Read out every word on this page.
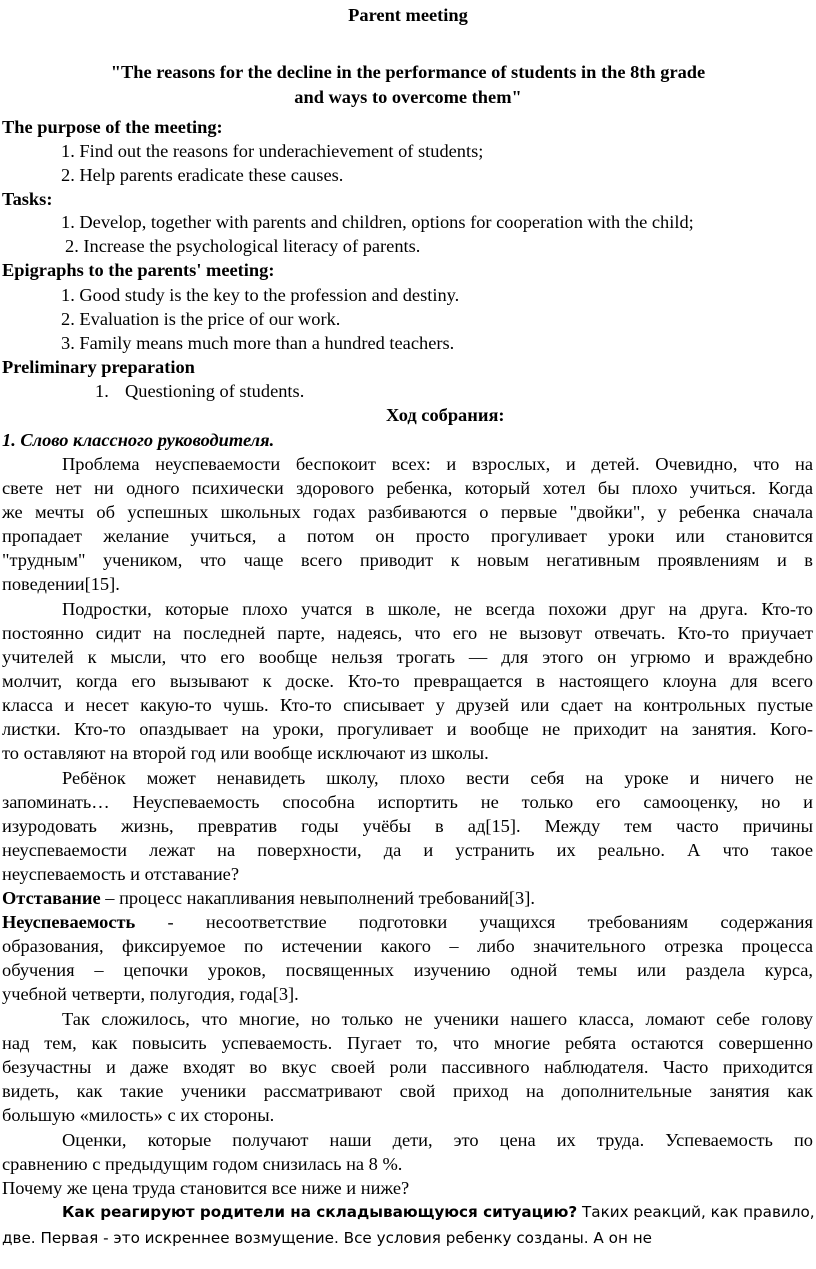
Parent meeting
"The reasons for the decline in the performance of students in the 8th grade
and ways to overcome them"
The purpose of the meeting:
1. Find out the reasons for underachievement of students;
2. Help parents eradicate these causes.
Tasks:
1. Develop, together with parents and children, options for cooperation with the child;
2. Increase the psychological literacy of parents.
Epigraphs to the parents' meeting:
1. Good study is the key to the profession and destiny.
2. Evaluation is the price of our work.
3. Family means much more than a hundred teachers.
Preliminary preparation
1. Questioning of students.
Ход собрания:
1. Слово классного руководителя.
Проблема неуспеваемости беспокоит всех: и взрослых, и детей. Очевидно, что на
свете нет ни одного психически здорового ребенка, который хотел бы плохо учиться. Когда
же мечты об успешных школьных годах разбиваются о первые "двойки", у ребенка сначала
пропадает желание учиться, а потом он просто прогуливает уроки или становится
"трудным" учеником, что чаще всего приводит к новым негативным проявлениям и в
поведении[15].
Подростки, которые плохо учатся в школе, не всегда похожи друг на друга. Кто-то
постоянно сидит на последней парте, надеясь, что его не вызовут отвечать. Кто-то приучает
учителей к мысли, что его вообще нельзя трогать — для этого он угрюмо и враждебно
молчит, когда его вызывают к доске. Кто-то превращается в настоящего клоуна для всего
класса и несет какую-то чушь. Кто-то списывает у друзей или сдает на контрольных пустые
листки. Кто-то опаздывает на уроки, прогуливает и вообще не приходит на занятия. Кого-
то оставляют на второй год или вообще исключают из школы.
Ребёнок может ненавидеть школу, плохо вести себя на уроке и ничего не
запоминать… Неуспеваемость способна испортить не только его самооценку, но и
изуродовать жизнь, превратив годы учёбы в ад[15]. Между тем часто причины
неуспеваемости лежат на поверхности, да и устранить их реально. А что такое
неуспеваемость и отставание?
Отставание – процесс накапливания невыполнений требований[3].
Неуспеваемость - несоответствие подготовки учащихся требованиям содержания
образования, фиксируемое по истечении какого – либо значительного отрезка процесса
обучения – цепочки уроков, посвященных изучению одной темы или раздела курса,
учебной четверти, полугодия, года[3].
Так сложилось, что многие, но только не ученики нашего класса, ломают себе голову
над тем, как повысить успеваемость. Пугает то, что многие ребята остаются совершенно
безучастны и даже входят во вкус своей роли пассивного наблюдателя. Часто приходится
видеть, как такие ученики рассматривают свой приход на дополнительные занятия как
большую «милость» с их стороны.
Оценки, которые получают наши дети, это цена их труда. Успеваемость по
сравнению с предыдущим годом снизилась на 8 %.
Почему же цена труда становится все ниже и ниже?
Как реагируют родители на складывающуюся ситуацию? Таких реакций, как правило,
две. Первая - это искреннее возмущение. Все условия ребенку созданы. А он не
